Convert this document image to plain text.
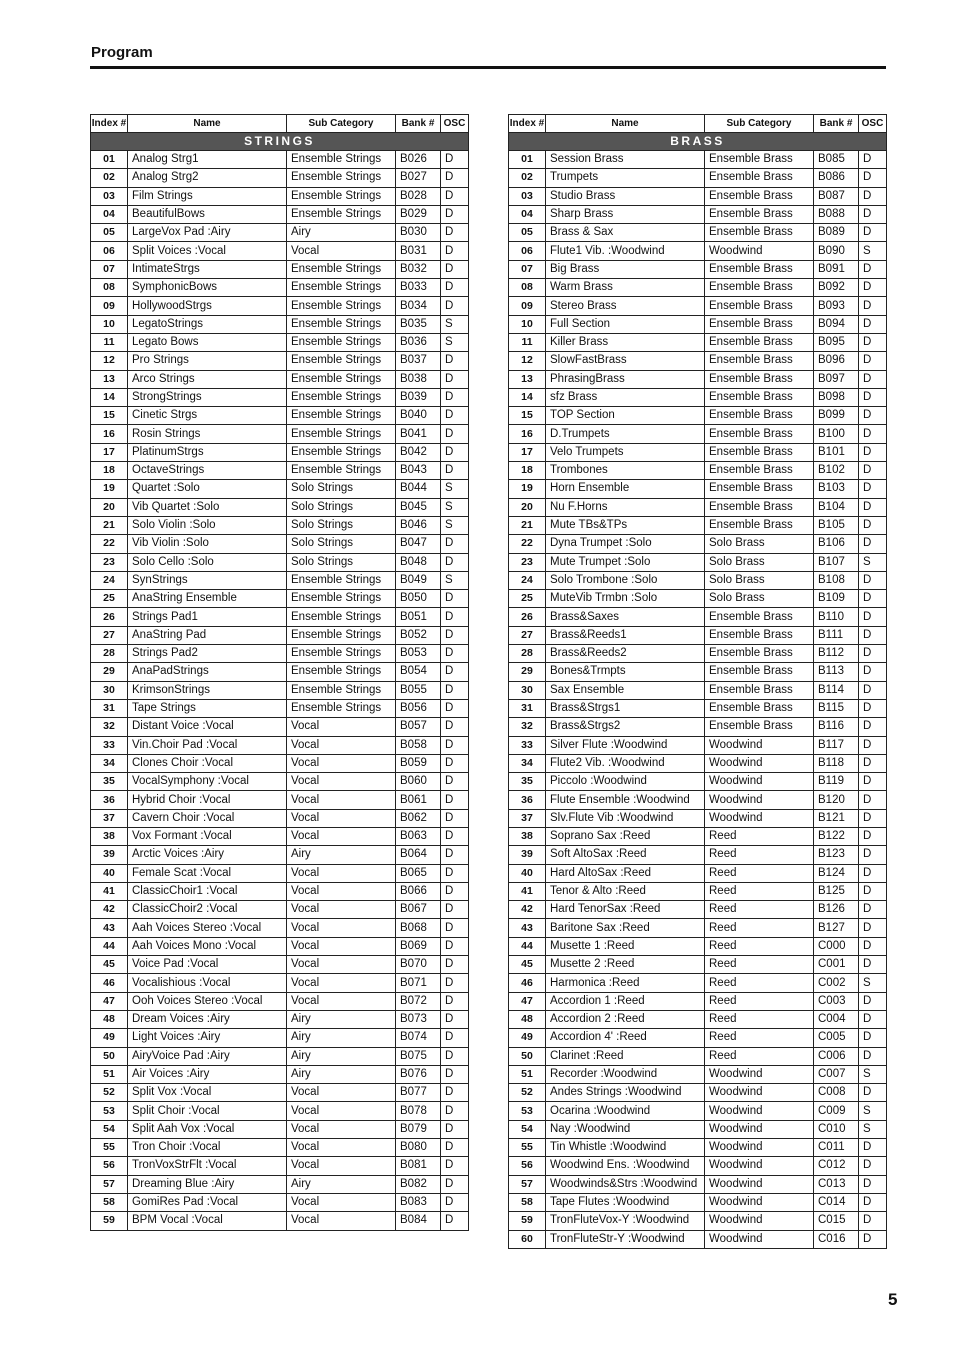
Program
Index #	Name	Sub Category	Bank #	OSC
STRINGS				
01	Analog Strg1	Ensemble Strings	B026	D
02	Analog Strg2	Ensemble Strings	B027	D
03	Film Strings	Ensemble Strings	B028	D
04	BeautifulBows	Ensemble Strings	B029	D
05	LargeVox Pad :Airy	Airy	B030	D
06	Split Voices :Vocal	Vocal	B031	D
07	IntimateStrgs	Ensemble Strings	B032	D
08	SymphonicBows	Ensemble Strings	B033	D
09	HollywoodStrgs	Ensemble Strings	B034	D
10	LegatoStrings	Ensemble Strings	B035	S
11	Legato Bows	Ensemble Strings	B036	S
12	Pro Strings	Ensemble Strings	B037	D
13	Arco Strings	Ensemble Strings	B038	D
14	StrongStrings	Ensemble Strings	B039	D
15	Cinetic Strgs	Ensemble Strings	B040	D
16	Rosin Strings	Ensemble Strings	B041	D
17	PlatinumStrgs	Ensemble Strings	B042	D
18	OctaveStrings	Ensemble Strings	B043	D
19	Quartet :Solo	Solo Strings	B044	S
20	Vib Quartet :Solo	Solo Strings	B045	S
21	Solo Violin :Solo	Solo Strings	B046	S
22	Vib Violin :Solo	Solo Strings	B047	D
23	Solo Cello :Solo	Solo Strings	B048	D
24	SynStrings	Ensemble Strings	B049	S
25	AnaString Ensemble	Ensemble Strings	B050	D
26	Strings Pad1	Ensemble Strings	B051	D
27	AnaString Pad	Ensemble Strings	B052	D
28	Strings Pad2	Ensemble Strings	B053	D
29	AnaPadStrings	Ensemble Strings	B054	D
30	KrimsonStrings	Ensemble Strings	B055	D
31	Tape Strings	Ensemble Strings	B056	D
32	Distant Voice :Vocal	Vocal	B057	D
33	Vin.Choir Pad :Vocal	Vocal	B058	D
34	Clones Choir :Vocal	Vocal	B059	D
35	VocalSymphony :Vocal	Vocal	B060	D
36	Hybrid Choir :Vocal	Vocal	B061	D
37	Cavern Choir :Vocal	Vocal	B062	D
38	Vox Formant :Vocal	Vocal	B063	D
39	Arctic Voices :Airy	Airy	B064	D
40	Female Scat :Vocal	Vocal	B065	D
41	ClassicChoir1 :Vocal	Vocal	B066	D
42	ClassicChoir2 :Vocal	Vocal	B067	D
43	Aah Voices Stereo :Vocal	Vocal	B068	D
44	Aah Voices Mono :Vocal	Vocal	B069	D
45	Voice Pad :Vocal	Vocal	B070	D
46	Vocalishious :Vocal	Vocal	B071	D
47	Ooh Voices Stereo :Vocal	Vocal	B072	D
48	Dream Voices :Airy	Airy	B073	D
49	Light Voices :Airy	Airy	B074	D
50	AiryVoice Pad :Airy	Airy	B075	D
51	Air Voices :Airy	Airy	B076	D
52	Split Vox :Vocal	Vocal	B077	D
53	Split Choir :Vocal	Vocal	B078	D
54	Split Aah Vox :Vocal	Vocal	B079	D
55	Tron Choir :Vocal	Vocal	B080	D
56	TronVoxStrFlt :Vocal	Vocal	B081	D
57	Dreaming Blue :Airy	Airy	B082	D
58	GomiRes Pad :Vocal	Vocal	B083	D
59	BPM Vocal :Vocal	Vocal	B084	D
Index #	Name	Sub Category	Bank #	OSC
BRASS				
01	Session Brass	Ensemble Brass	B085	D
02	Trumpets	Ensemble Brass	B086	D
03	Studio Brass	Ensemble Brass	B087	D
04	Sharp Brass	Ensemble Brass	B088	D
05	Brass & Sax	Ensemble Brass	B089	D
06	Flute1 Vib. :Woodwind	Woodwind	B090	S
07	Big Brass	Ensemble Brass	B091	D
08	Warm Brass	Ensemble Brass	B092	D
09	Stereo Brass	Ensemble Brass	B093	D
10	Full Section	Ensemble Brass	B094	D
11	Killer Brass	Ensemble Brass	B095	D
12	SlowFastBrass	Ensemble Brass	B096	D
13	PhrasingBrass	Ensemble Brass	B097	D
14	sfz Brass	Ensemble Brass	B098	D
15	TOP Section	Ensemble Brass	B099	D
16	D.Trumpets	Ensemble Brass	B100	D
17	Velo Trumpets	Ensemble Brass	B101	D
18	Trombones	Ensemble Brass	B102	D
19	Horn Ensemble	Ensemble Brass	B103	D
20	Nu F.Horns	Ensemble Brass	B104	D
21	Mute TBs&TPs	Ensemble Brass	B105	D
22	Dyna Trumpet :Solo	Solo Brass	B106	D
23	Mute Trumpet :Solo	Solo Brass	B107	S
24	Solo Trombone :Solo	Solo Brass	B108	D
25	MuteVib Trmbn :Solo	Solo Brass	B109	D
26	Brass&Saxes	Ensemble Brass	B110	D
27	Brass&Reeds1	Ensemble Brass	B111	D
28	Brass&Reeds2	Ensemble Brass	B112	D
29	Bones&Trmpts	Ensemble Brass	B113	D
30	Sax Ensemble	Ensemble Brass	B114	D
31	Brass&Strgs1	Ensemble Brass	B115	D
32	Brass&Strgs2	Ensemble Brass	B116	D
33	Silver Flute :Woodwind	Woodwind	B117	D
34	Flute2 Vib. :Woodwind	Woodwind	B118	D
35	Piccolo :Woodwind	Woodwind	B119	D
36	Flute Ensemble :Woodwind	Woodwind	B120	D
37	Slv.Flute Vib :Woodwind	Woodwind	B121	D
38	Soprano Sax :Reed	Reed	B122	D
39	Soft AltoSax :Reed	Reed	B123	D
40	Hard AltoSax :Reed	Reed	B124	D
41	Tenor & Alto :Reed	Reed	B125	D
42	Hard TenorSax :Reed	Reed	B126	D
43	Baritone Sax :Reed	Reed	B127	D
44	Musette 1 :Reed	Reed	C000	D
45	Musette 2 :Reed	Reed	C001	D
46	Harmonica :Reed	Reed	C002	S
47	Accordion 1 :Reed	Reed	C003	D
48	Accordion 2 :Reed	Reed	C004	D
49	Accordion 4' :Reed	Reed	C005	D
50	Clarinet :Reed	Reed	C006	D
51	Recorder :Woodwind	Woodwind	C007	S
52	Andes Strings :Woodwind	Woodwind	C008	D
53	Ocarina :Woodwind	Woodwind	C009	S
54	Nay :Woodwind	Woodwind	C010	S
55	Tin Whistle :Woodwind	Woodwind	C011	D
56	Woodwind Ens. :Woodwind	Woodwind	C012	D
57	Woodwinds&Strs :Woodwind	Woodwind	C013	D
58	Tape Flutes :Woodwind	Woodwind	C014	D
59	TronFluteVox-Y :Woodwind	Woodwind	C015	D
60	TronFluteStr-Y :Woodwind	Woodwind	C016	D
5
